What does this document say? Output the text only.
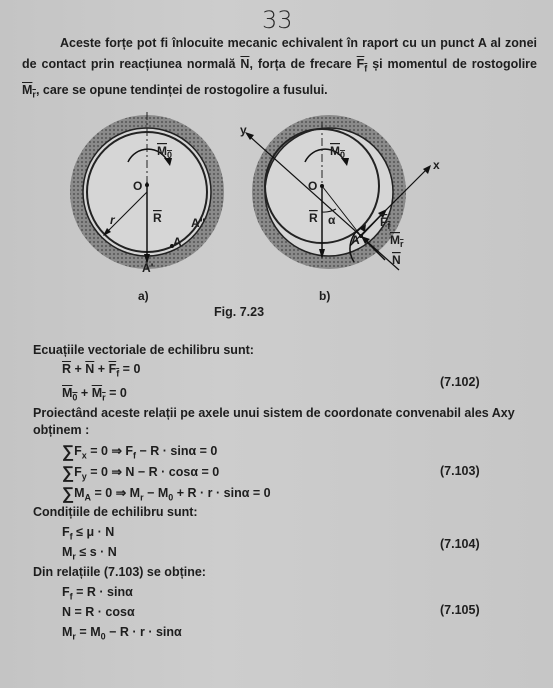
33
Aceste forțe pot fi înlocuite mecanic echivalent în raport cu un punct A al zonei de contact prin reacțiunea normală $\overline{N}$, forța de frecare $F_f$ și momentul de rostogolire $M_r$, care se opune tendinței de rostogolire a fusului.
O
$M_0$
r	R
A
A"
A'
a)
O
$M_0$
R α
A
$F_f$
$M_r$
N
x
y
b)
Fig. 7.23
Ecuațiile vectoriale de echilibru sunt:
$\overline{R} + \overline{N} + F_f = 0$
$M_0 + M_r = 0$
(7.102)
Proiectând aceste relații pe axele unui sistem de coordonate convenabil ales Axy
obținem :
$\sum F_x = 0$ ⇒ $F_f - R \cdot \sin\alpha = 0$
$\sum F_y = 0$ ⇒ N − R · cosα = 0	(7.103)
$\sum M_A = 0$ ⇒ $M_r - M_0 + R \cdot r \cdot \sin\alpha = 0$
Condițiile de echilibru sunt:
$F_f \le \mu \cdot N$
$M_r \le s \cdot N$
(7.104)
Din relațiile (7.103) se obține:
$F_f = R \cdot \sin\alpha$
N = R · cosα	(7.105)
$M_r = M_0 - R \cdot r \cdot \sin\alpha$
